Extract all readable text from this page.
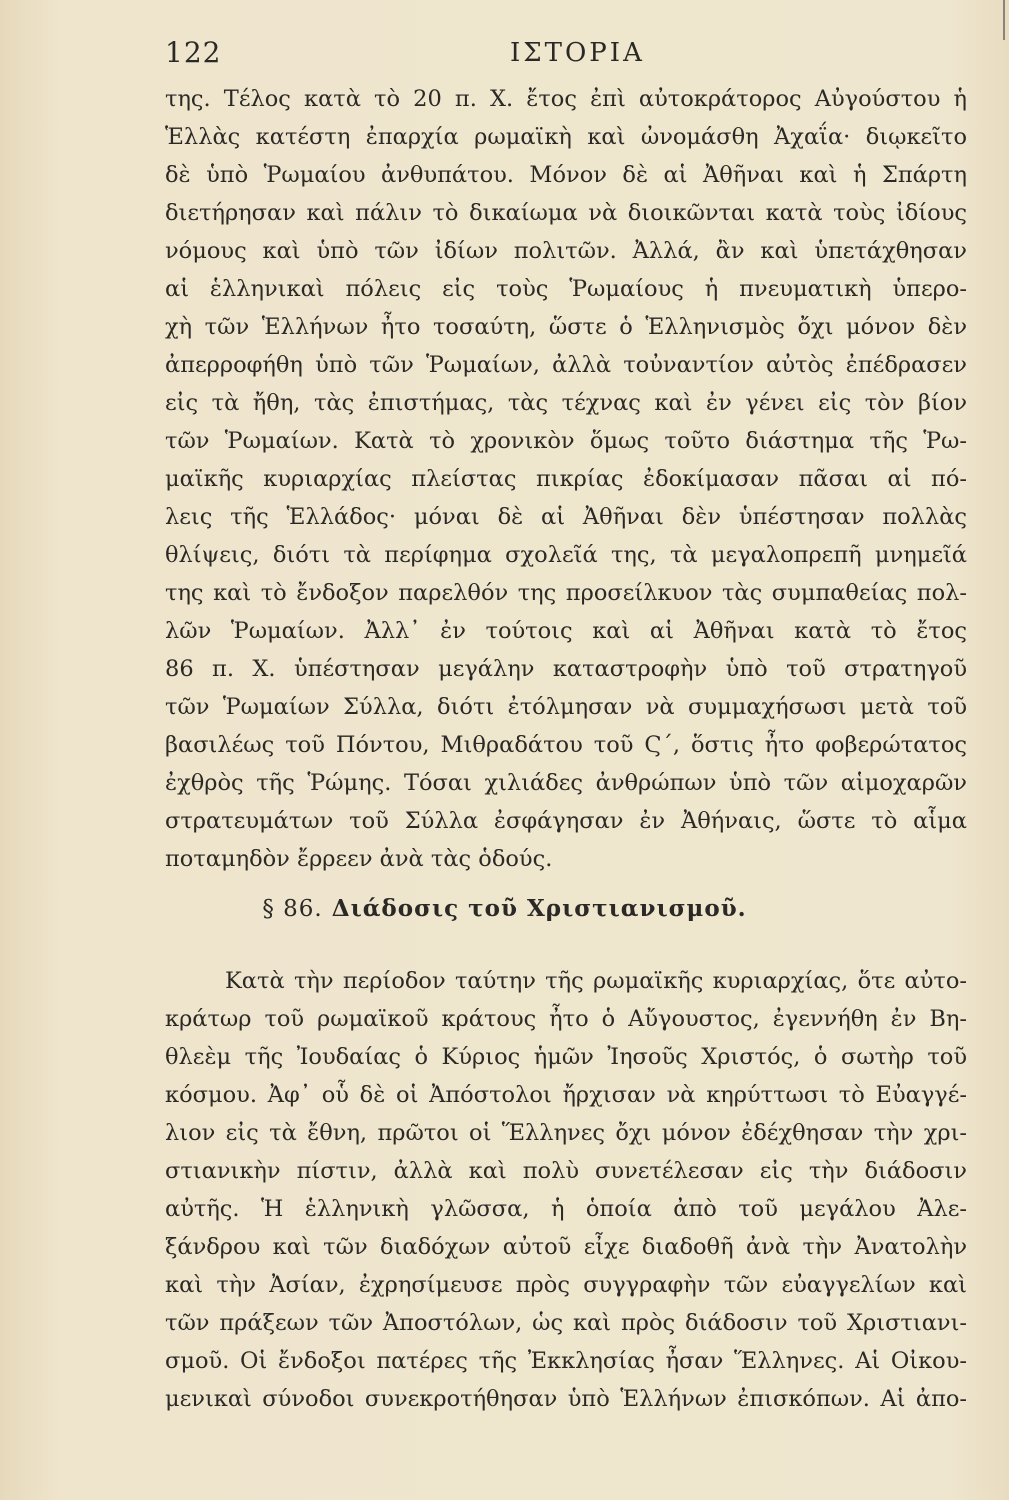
122	ΙΣΤΟΡΙΑ
της. Τέλος κατὰ τὸ 20 π. Χ. ἔτος ἐπὶ αὐτοκράτορος Αὐγούστου ἡ
Ἑλλὰς κατέστη ἐπαρχία ρωμαϊκὴ καὶ ὠνομάσθη Ἀχαΐα· διῳκεῖτο
δὲ ὑπὸ Ῥωμαίου ἀνθυπάτου. Μόνον δὲ αἱ Ἀθῆναι καὶ ἡ Σπάρτη
διετήρησαν καὶ πάλιν τὸ δικαίωμα νὰ διοικῶνται κατὰ τοὺς ἰδίους
νόμους καὶ ὑπὸ τῶν ἰδίων πολιτῶν. Ἀλλά, ἂν καὶ ὑπετάχθησαν
αἱ ἑλληνικαὶ πόλεις εἰς τοὺς Ῥωμαίους ἡ πνευματικὴ ὑπερο-
χὴ τῶν Ἑλλήνων ἦτο τοσαύτη, ὥστε ὁ Ἑλληνισμὸς ὄχι μόνον δὲν
ἀπερροφήθη ὑπὸ τῶν Ῥωμαίων, ἀλλὰ τοὐναντίον αὐτὸς ἐπέδρασεν
εἰς τὰ ἤθη, τὰς ἐπιστήμας, τὰς τέχνας καὶ ἐν γένει εἰς τὸν βίον
τῶν Ῥωμαίων. Κατὰ τὸ χρονικὸν ὅμως τοῦτο διάστημα τῆς Ῥω-
μαϊκῆς κυριαρχίας πλείστας πικρίας ἐδοκίμασαν πᾶσαι αἱ πό-
λεις τῆς Ἑλλάδος· μόναι δὲ αἱ Ἀθῆναι δὲν ὑπέστησαν πολλὰς
θλίψεις, διότι τὰ περίφημα σχολεῖά της, τὰ μεγαλοπρεπῆ μνημεῖά
της καὶ τὸ ἔνδοξον παρελθόν της προσείλκυον τὰς συμπαθείας πολ-
λῶν Ῥωμαίων. Ἀλλ᾽ ἐν τούτοις καὶ αἱ Ἀθῆναι κατὰ τὸ ἔτος
86 π. Χ. ὑπέστησαν μεγάλην καταστροφὴν ὑπὸ τοῦ στρατηγοῦ
τῶν Ῥωμαίων Σύλλα, διότι ἐτόλμησαν νὰ συμμαχήσωσι μετὰ τοῦ
βασιλέως τοῦ Πόντου, Μιθραδάτου τοῦ Ϛ´, ὅστις ἦτο φοβερώτατος
ἐχθρὸς τῆς Ῥώμης. Τόσαι χιλιάδες ἀνθρώπων ὑπὸ τῶν αἱμοχαρῶν
στρατευμάτων τοῦ Σύλλα ἐσφάγησαν ἐν Ἀθήναις, ὥστε τὸ αἷμα
ποταμηδὸν ἔρρεεν ἀνὰ τὰς ὁδούς.
§ 86. Διάδοσις τοῦ Χριστιανισμοῦ.
Κατὰ τὴν περίοδον ταύτην τῆς ρωμαϊκῆς κυριαρχίας, ὅτε αὐτο-
κράτωρ τοῦ ρωμαϊκοῦ κράτους ἦτο ὁ Αὔγουστος, ἐγεννήθη ἐν Βη-
θλεὲμ τῆς Ἰουδαίας ὁ Κύριος ἡμῶν Ἰησοῦς Χριστός, ὁ σωτὴρ τοῦ
κόσμου. Ἀφ᾽ οὗ δὲ οἱ Ἀπόστολοι ἤρχισαν νὰ κηρύττωσι τὸ Εὐαγγέ-
λιον εἰς τὰ ἔθνη, πρῶτοι οἱ Ἕλληνες ὄχι μόνον ἐδέχθησαν τὴν χρι-
στιανικὴν πίστιν, ἀλλὰ καὶ πολὺ συνετέλεσαν εἰς τὴν διάδοσιν
αὐτῆς. Ἡ ἑλληνικὴ γλῶσσα, ἡ ὁποία ἀπὸ τοῦ μεγάλου Ἀλε-
ξάνδρου καὶ τῶν διαδόχων αὐτοῦ εἶχε διαδοθῆ ἀνὰ τὴν Ἀνατολὴν
καὶ τὴν Ἀσίαν, ἐχρησίμευσε πρὸς συγγραφὴν τῶν εὐαγγελίων καὶ
τῶν πράξεων τῶν Ἀποστόλων, ὡς καὶ πρὸς διάδοσιν τοῦ Χριστιανι-
σμοῦ. Οἱ ἔνδοξοι πατέρες τῆς Ἐκκλησίας ἦσαν Ἕλληνες. Αἱ Οἰκου-
μενικαὶ σύνοδοι συνεκροτήθησαν ὑπὸ Ἑλλήνων ἐπισκόπων. Αἱ ἀπο-
